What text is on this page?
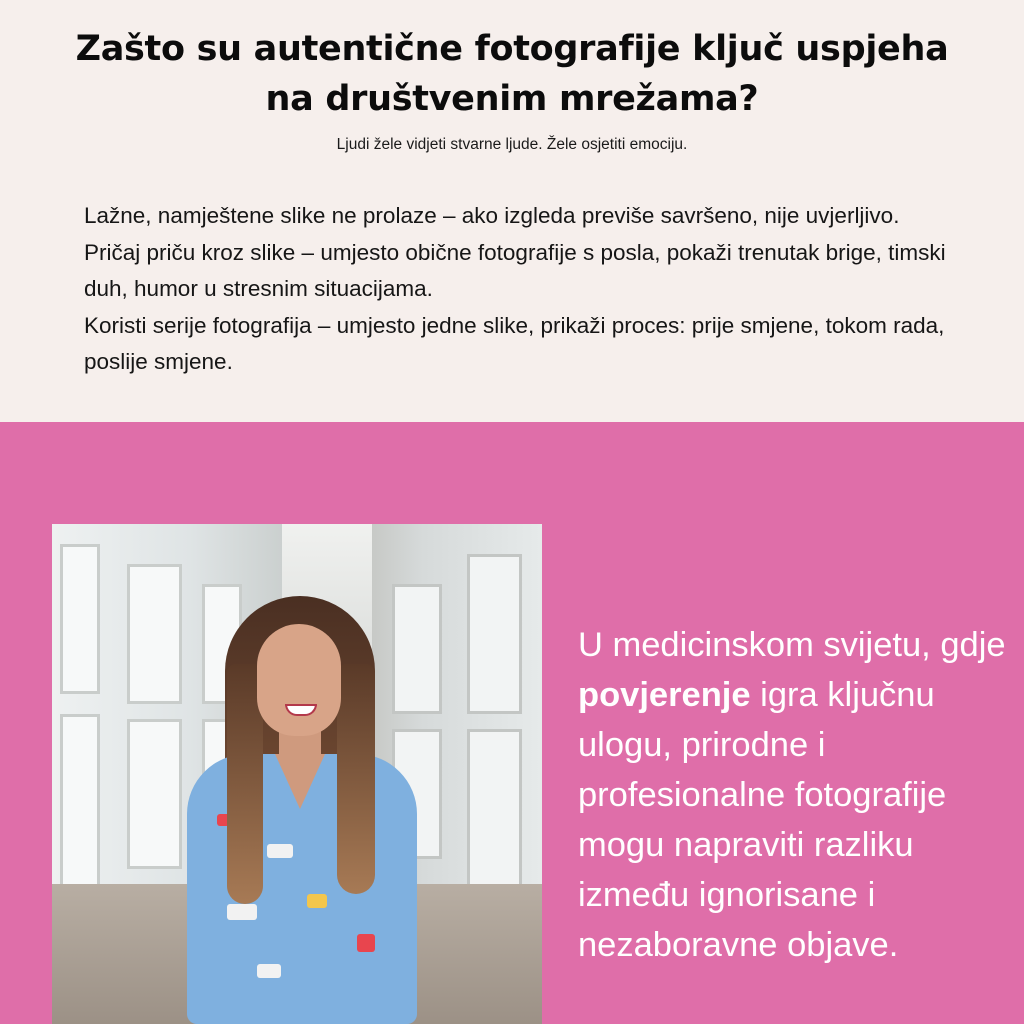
Zašto su autentične fotografije ključ uspjeha na društvenim mrežama?

Ljudi žele vidjeti stvarne ljude. Žele osjetiti emociju.

Lažne, namještene slike ne prolaze – ako izgleda previše savršeno, nije uvjerljivo.

Pričaj priču kroz slike – umjesto obične fotografije s posla, pokaži trenutak brige, timski duh, humor u stresnim situacijama.

Koristi serije fotografija – umjesto jedne slike, prikaži proces: prije smjene, tokom rada, poslije smjene.

U medicinskom svijetu, gdje povjerenje igra ključnu ulogu, prirodne i profesionalne fotografije mogu napraviti razliku između ignorisane i nezaboravne objave.
